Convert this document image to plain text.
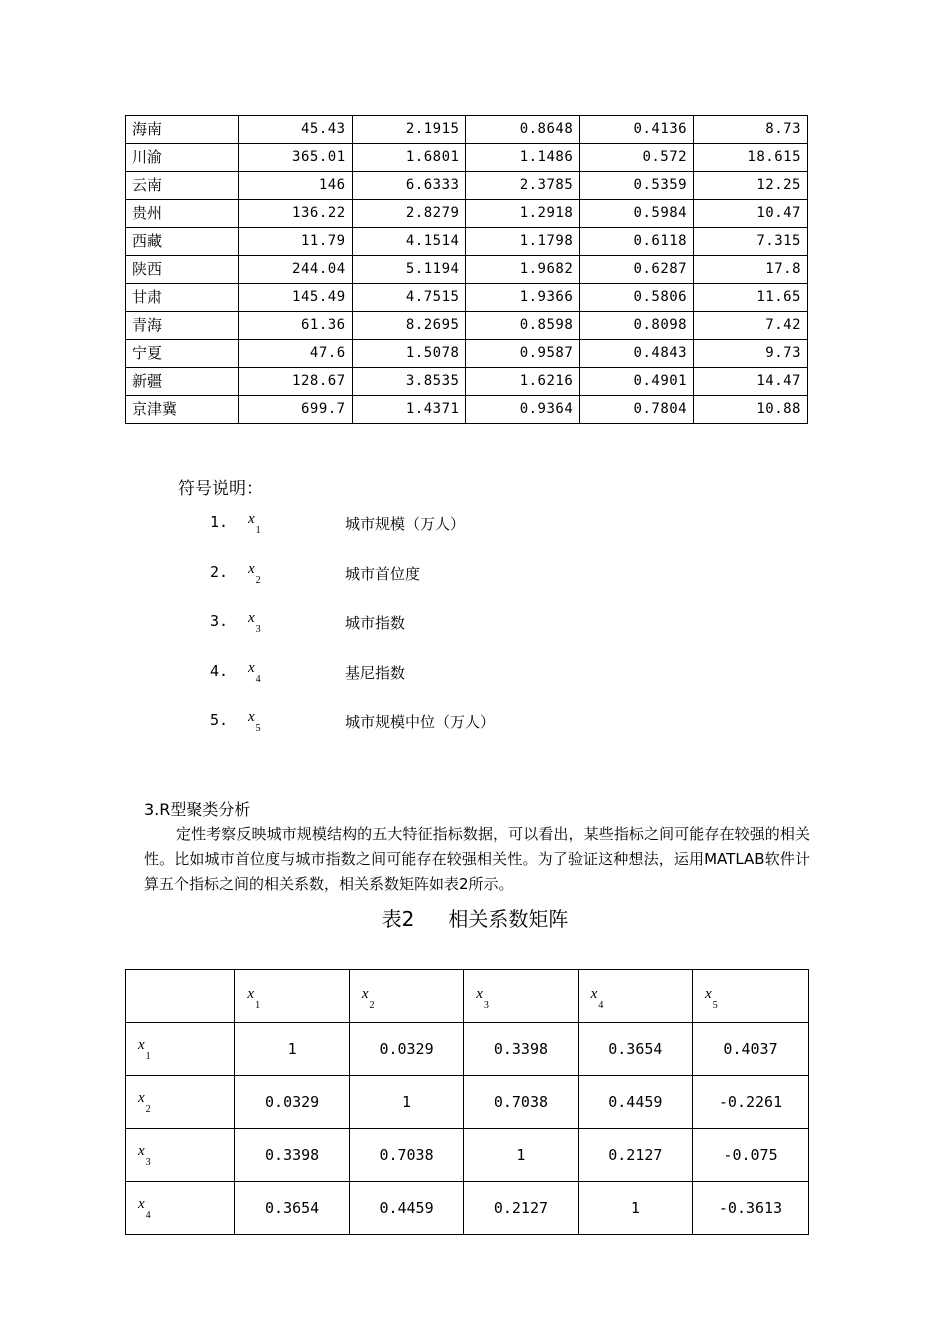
海南	45.43	2.1915	0.8648	0.4136	8.73
川渝	365.01	1.6801	1.1486	0.572	18.615
云南	146	6.6333	2.3785	0.5359	12.25
贵州	136.22	2.8279	1.2918	0.5984	10.47
西藏	11.79	4.1514	1.1798	0.6118	7.315
陕西	244.04	5.1194	1.9682	0.6287	17.8
甘肃	145.49	4.7515	1.9366	0.5806	11.65
青海	61.36	8.2695	0.8598	0.8098	7.42
宁夏	47.6	1.5078	0.9587	0.4843	9.73
新疆	128.67	3.8535	1.6216	0.4901	14.47
京津冀	699.7	1.4371	0.9364	0.7804	10.88
符号说明：
1. $x_1$	城市规模（万人）
2. $x_2$	城市首位度
3. $x_3$	城市指数
4. $x_4$	基尼指数
5. $x_5$	城市规模中位（万人）
3.R型聚类分析
定性考察反映城市规模结构的五大特征指标数据，可以看出，某些指标之间可能存在较强的相关性。比如城市首位度与城市指数之间可能存在较强相关性。为了验证这种想法，运用MATLAB软件计算五个指标之间的相关系数，相关系数矩阵如表2所示。
表2 相关系数矩阵
	$x_1$	$x_2$	$x_3$	$x_4$	$x_5$
$x_1$	1	0.0329	0.3398	0.3654	0.4037
$x_2$	0.0329	1	0.7038	0.4459	-0.2261
$x_3$	0.3398	0.7038	1	0.2127	-0.075
$x_4$	0.3654	0.4459	0.2127	1	-0.3613
